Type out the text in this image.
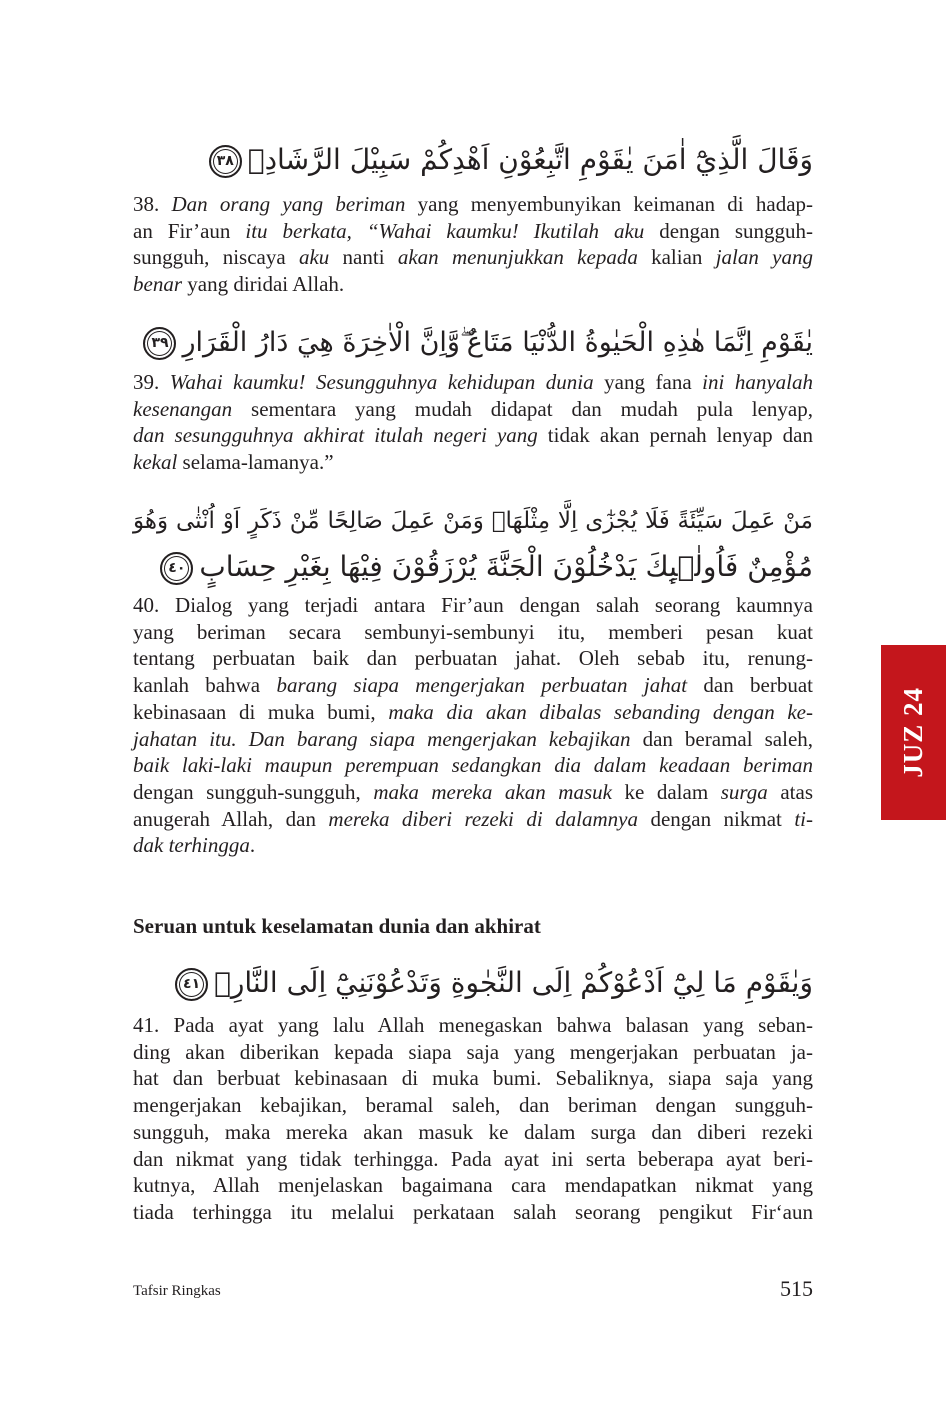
وَقَالَ الَّذِيْٓ اٰمَنَ يٰقَوْمِ اتَّبِعُوْنِ اَهْدِكُمْ سَبِيْلَ الرَّشَادِۚ٣٨
38. Dan orang yang beriman yang menyembunyikan keimanan di hadap-
an Fir’aun itu berkata, “Wahai kaumku! Ikutilah aku dengan sungguh-
sungguh, niscaya aku nanti akan menunjukkan kepada kalian jalan yang
benar yang diridai Allah.
يٰقَوْمِ اِنَّمَا هٰذِهِ الْحَيٰوةُ الدُّنْيَا مَتَاعٌ ۖوَّاِنَّ الْاٰخِرَةَ هِيَ دَارُ الْقَرَارِ٣٩
39. Wahai kaumku! Sesungguhnya kehidupan dunia yang fana ini hanyalah
kesenangan sementara yang mudah didapat dan mudah pula lenyap,
dan sesungguhnya akhirat itulah negeri yang tidak akan pernah lenyap dan
kekal selama-lamanya.”
مَنْ عَمِلَ سَيِّئَةً فَلَا يُجْزٰٓى اِلَّا مِثْلَهَاۚ وَمَنْ عَمِلَ صَالِحًا مِّنْ ذَكَرٍ اَوْ اُنْثٰى وَهُوَ
مُؤْمِنٌ فَاُولٰۤىِٕكَ يَدْخُلُوْنَ الْجَنَّةَ يُرْزَقُوْنَ فِيْهَا بِغَيْرِ حِسَابٍ٤٠
40. Dialog yang terjadi antara Fir’aun dengan salah seorang kaumnya
yang beriman secara sembunyi-sembunyi itu, memberi pesan kuat
tentang perbuatan baik dan perbuatan jahat. Oleh sebab itu, renung-
kanlah bahwa barang siapa mengerjakan perbuatan jahat dan berbuat
kebinasaan di muka bumi, maka dia akan dibalas sebanding dengan ke-
jahatan itu. Dan barang siapa mengerjakan kebajikan dan beramal saleh,
baik laki-laki maupun perempuan sedangkan dia dalam keadaan beriman
dengan sungguh-sungguh, maka mereka akan masuk ke dalam surga atas
anugerah Allah, dan mereka diberi rezeki di dalamnya dengan nikmat ti-
dak terhingga.
Seruan untuk keselamatan dunia dan akhirat
وَيٰقَوْمِ مَا لِيْٓ اَدْعُوْكُمْ اِلَى النَّجٰوةِ وَتَدْعُوْنَنِيْٓ اِلَى النَّارِۗ٤١
41. Pada ayat yang lalu Allah menegaskan bahwa balasan yang seban-
ding akan diberikan kepada siapa saja yang mengerjakan perbuatan ja-
hat dan berbuat kebinasaan di muka bumi. Sebaliknya, siapa saja yang
mengerjakan kebajikan, beramal saleh, dan beriman dengan sungguh-
sungguh, maka mereka akan masuk ke dalam surga dan diberi rezeki
dan nikmat yang tidak terhingga. Pada ayat ini serta beberapa ayat beri-
kutnya, Allah menjelaskan bagaimana cara mendapatkan nikmat yang
tiada terhingga itu melalui perkataan salah seorang pengikut Fir‘aun
Tafsir Ringkas	515
JUZ 24
